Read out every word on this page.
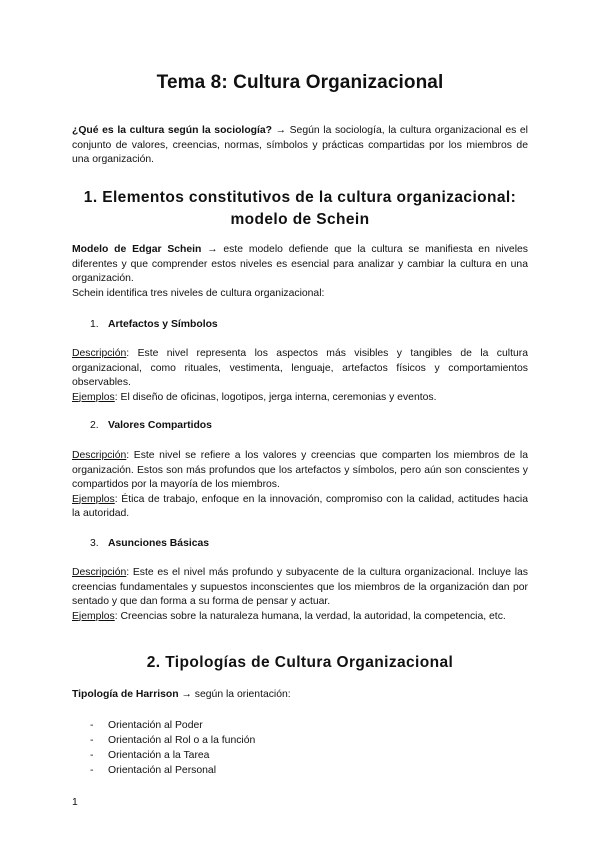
Tema 8: Cultura Organizacional
¿Qué es la cultura según la sociología? → Según la sociología, la cultura organizacional es el conjunto de valores, creencias, normas, símbolos y prácticas compartidas por los miembros de una organización.
1. Elementos constitutivos de la cultura organizacional:
modelo de Schein
Modelo de Edgar Schein → este modelo defiende que la cultura se manifiesta en niveles diferentes y que comprender estos niveles es esencial para analizar y cambiar la cultura en una organización.
Schein identifica tres niveles de cultura organizacional:
1. Artefactos y Símbolos
Descripción: Este nivel representa los aspectos más visibles y tangibles de la cultura organizacional, como rituales, vestimenta, lenguaje, artefactos físicos y comportamientos observables.
Ejemplos: El diseño de oficinas, logotipos, jerga interna, ceremonias y eventos.
2. Valores Compartidos
Descripción: Este nivel se refiere a los valores y creencias que comparten los miembros de la organización. Estos son más profundos que los artefactos y símbolos, pero aún son conscientes y compartidos por la mayoría de los miembros.
Ejemplos: Ética de trabajo, enfoque en la innovación, compromiso con la calidad, actitudes hacia la autoridad.
3. Asunciones Básicas
Descripción: Este es el nivel más profundo y subyacente de la cultura organizacional. Incluye las creencias fundamentales y supuestos inconscientes que los miembros de la organización dan por sentado y que dan forma a su forma de pensar y actuar.
Ejemplos: Creencias sobre la naturaleza humana, la verdad, la autoridad, la competencia, etc.
2. Tipologías de Cultura Organizacional
Tipología de Harrison → según la orientación:
- Orientación al Poder
- Orientación al Rol o a la función
- Orientación a la Tarea
- Orientación al Personal
1
